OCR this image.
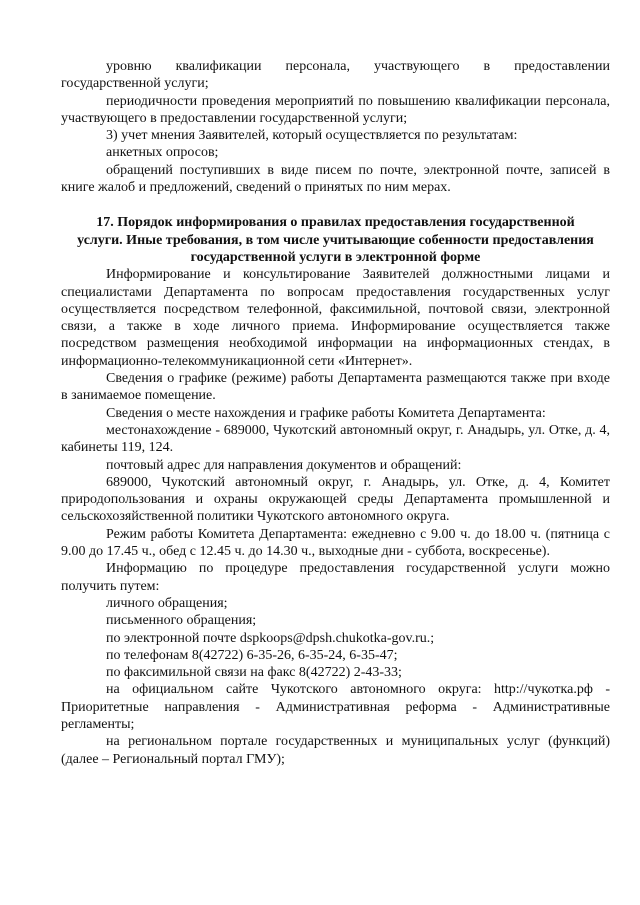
уровню квалификации персонала, участвующего в предоставлении государственной услуги;

периодичности проведения мероприятий по повышению квалификации персонала, участвующего в предоставлении государственной услуги;

3) учет мнения Заявителей, который осуществляется по результатам:

анкетных опросов;

обращений поступивших в виде писем по почте, электронной почте, записей в книге жалоб и предложений, сведений о принятых по ним мерах.

17. Порядок информирования о правилах предоставления государственной услуги. Иные требования, в том числе учитывающие собенности предоставления государственной услуги в электронной форме

Информирование и консультирование Заявителей должностными лицами и специалистами Департамента по вопросам предоставления государственных услуг осуществляется посредством телефонной, факсимильной, почтовой связи, электронной связи, а также в ходе личного приема. Информирование осуществляется также посредством размещения необходимой информации на информационных стендах, в информационно-телекоммуникационной сети «Интернет».

Сведения о графике (режиме) работы Департамента размещаются также при входе в занимаемое помещение.

Сведения о месте нахождения и графике работы Комитета Департамента:

местонахождение - 689000, Чукотский автономный округ, г. Анадырь, ул. Отке, д. 4, кабинеты 119, 124.

почтовый адрес для направления документов и обращений:

689000, Чукотский автономный округ, г. Анадырь, ул. Отке, д. 4, Комитет природопользования и охраны окружающей среды Департамента промышленной и сельскохозяйственной политики Чукотского автономного округа.

Режим работы Комитета Департамента: ежедневно с 9.00 ч. до 18.00 ч. (пятница с 9.00 до 17.45 ч., обед с 12.45 ч. до 14.30 ч., выходные дни - суббота, воскресенье).

Информацию по процедуре предоставления государственной услуги можно получить путем:

личного обращения;

письменного обращения;

по электронной почте dspkoops@dpsh.chukotka-gov.ru.;

по телефонам 8(42722) 6-35-26, 6-35-24, 6-35-47;

по факсимильной связи на факс 8(42722) 2-43-33;

на официальном сайте Чукотского автономного округа: http://чукотка.рф - Приоритетные направления - Административная реформа - Административные регламенты;

на региональном портале государственных и муниципальных услуг (функций) (далее – Региональный портал ГМУ);
